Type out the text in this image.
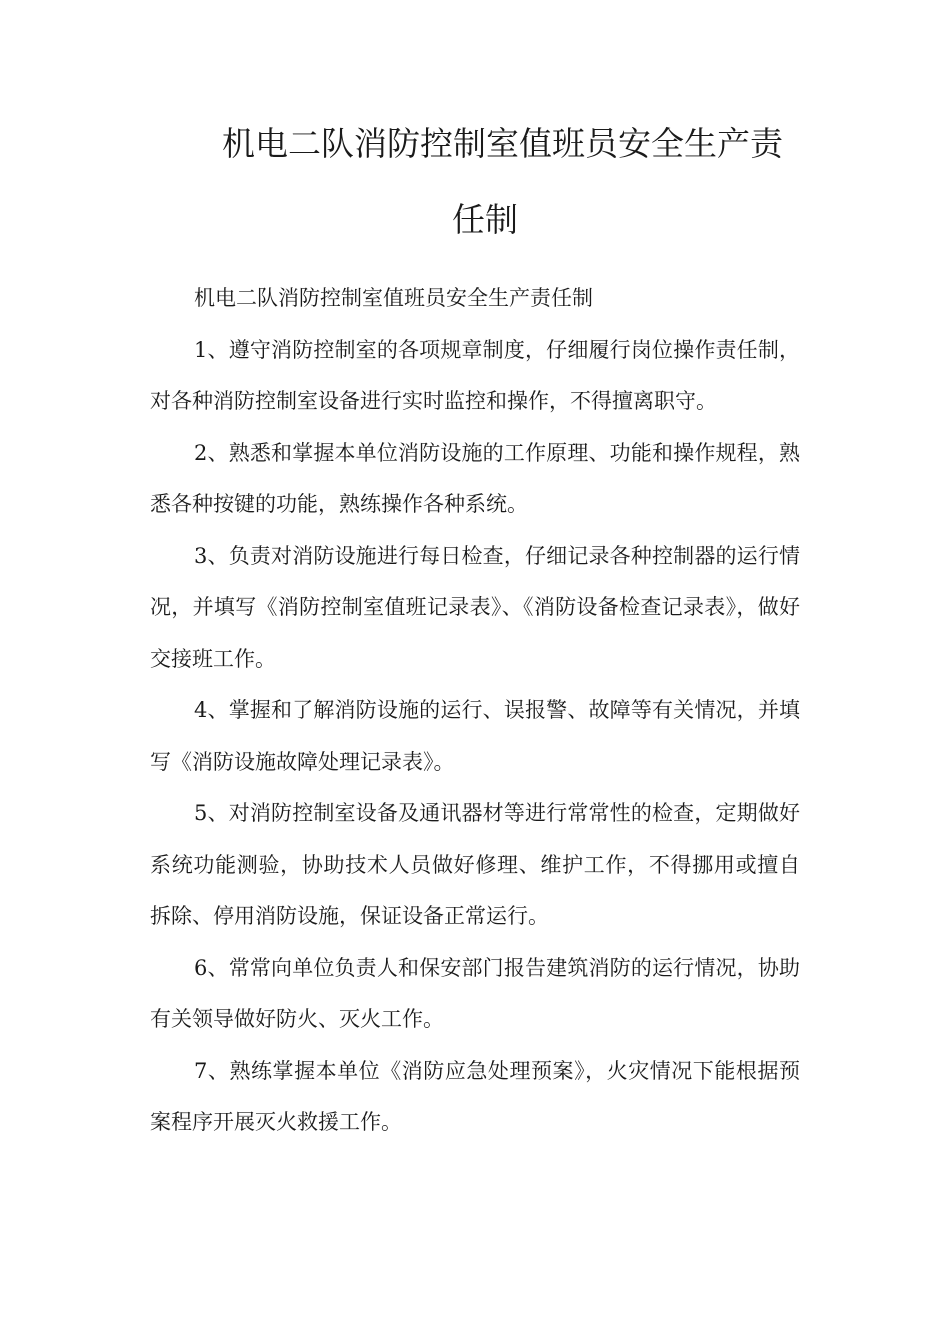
机电二队消防控制室值班员安全生产责
任制

机电二队消防控制室值班员安全生产责任制

1、遵守消防控制室的各项规章制度，仔细履行岗位操作责任制，对各种消防控制室设备进行实时监控和操作，不得擅离职守。

2、熟悉和掌握本单位消防设施的工作原理、功能和操作规程，熟悉各种按键的功能，熟练操作各种系统。

3、负责对消防设施进行每日检查，仔细记录各种控制器的运行情况，并填写《消防控制室值班记录表》、《消防设备检查记录表》，做好交接班工作。

4、掌握和了解消防设施的运行、误报警、故障等有关情况，并填写《消防设施故障处理记录表》。

5、对消防控制室设备及通讯器材等进行常常性的检查，定期做好系统功能测验，协助技术人员做好修理、维护工作，不得挪用或擅自拆除、停用消防设施，保证设备正常运行。

6、常常向单位负责人和保安部门报告建筑消防的运行情况，协助有关领导做好防火、灭火工作。

7、熟练掌握本单位《消防应急处理预案》，火灾情况下能根据预案程序开展灭火救援工作。
